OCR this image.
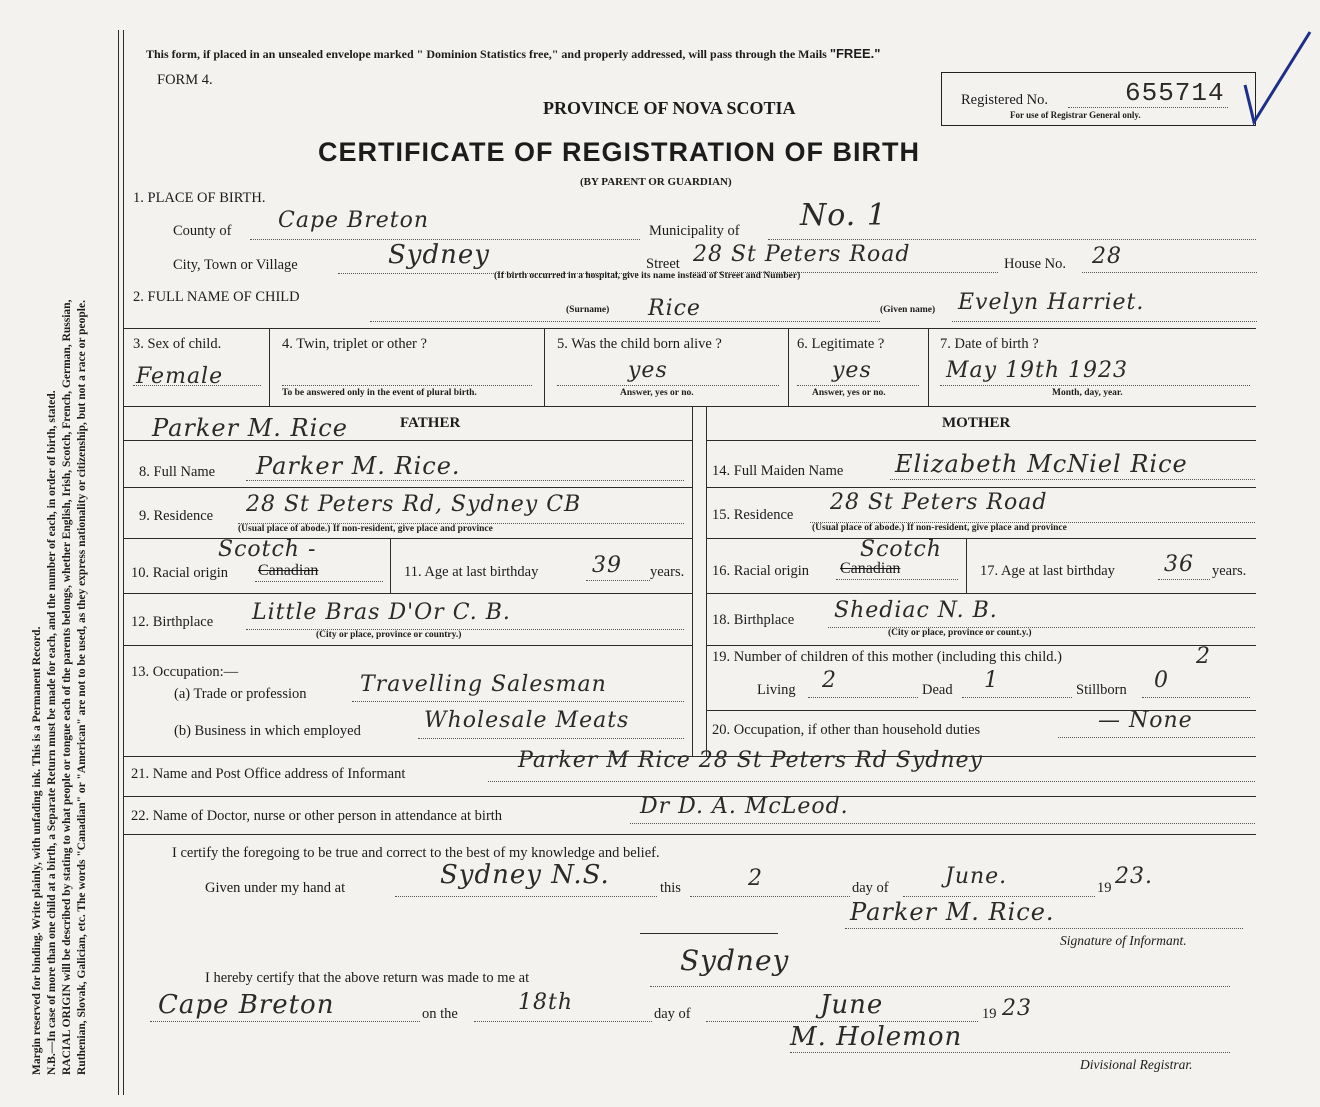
Margin reserved for binding. Write plainly, with unfading ink. This is a Permanent Record. N.B.—In case of more than one child at a birth, a Separate Return must be made for each, and the number of each, in order of birth, stated. RACIAL ORIGIN will be described by stating to what people or tongue each of the parents belongs, whether English, Irish, Scotch, French, German, Russian, Ruthenian, Slovak, Galician, etc. The words "Canadian" or "American" are not to be used, as they express nationality or citizenship, but not a race or people.
This form, if placed in an unsealed envelope marked " Dominion Statistics free," and properly addressed, will pass through the Mails "FREE."
FORM 4.
PROVINCE OF NOVA SCOTIA
CERTIFICATE OF REGISTRATION OF BIRTH
(BY PARENT OR GUARDIAN)
Registered No.	655714
For use of Registrar General only.
1. PLACE OF BIRTH.
County of Cape Breton	Municipality of No. 1
City, Town or Village	Sydney	Street 28 St Peters Road	House No. 28
(If birth occurred in a hospital, give its name instead of Street and Number)
2. FULL NAME OF CHILD
(Surname) Rice	(Given name) Evelyn Harriet.
3. Sex of child.
Female
4. Twin, triplet or other ?
To be answered only in the event of plural birth.
5. Was the child born alive ?
yes
Answer, yes or no.
6. Legitimate ?
yes
Answer, yes or no.
7. Date of birth ?
May 19th 1923
Month, day, year.
FATHER
Parker M. Rice	MOTHER
8. Full Name Parker M. Rice.	14. Full Maiden Name Elizabeth McNiel Rice
9. Residence 28 St Peters Rd, Sydney CB
(Usual place of abode.) If non-resident, give place and province
15. Residence 28 St Peters Road
(Usual place of abode.) If non-resident, give place and province
10. Racial origin Canadian
Scotch -
11. Age at last birthday 39 years. 16. Racial origin Canadian
Scotch
17. Age at last birthday 36 years.
12. Birthplace Little Bras D'Or C. B.
(City or place, province or country.)
18. Birthplace Shediac N. B.
(City or place, province or count.y.)
13. Occupation:—
(a) Trade or profession Travelling Salesman
(b) Business in which employed	Wholesale Meats
19. Number of children of this mother (including this child.)	2
Living 2	Dead 1	Stillborn 0
20. Occupation, if other than household duties	— None
21. Name and Post Office address of Informant
Parker M Rice 28 St Peters Rd Sydney
22. Name of Doctor, nurse or other person in attendance at birth	Dr D. A. McLeod.
I certify the foregoing to be true and correct to the best of my knowledge and belief.
Given under my hand at	Sydney N.S.	this	2	day of	June.	19 23.
Parker M. Rice.
Signature of Informant.
I hereby certify that the above return was made to me at
Sydney
Cape Breton	on the	18th	day of	June	19 23
M. Holemon
Divisional Registrar.
